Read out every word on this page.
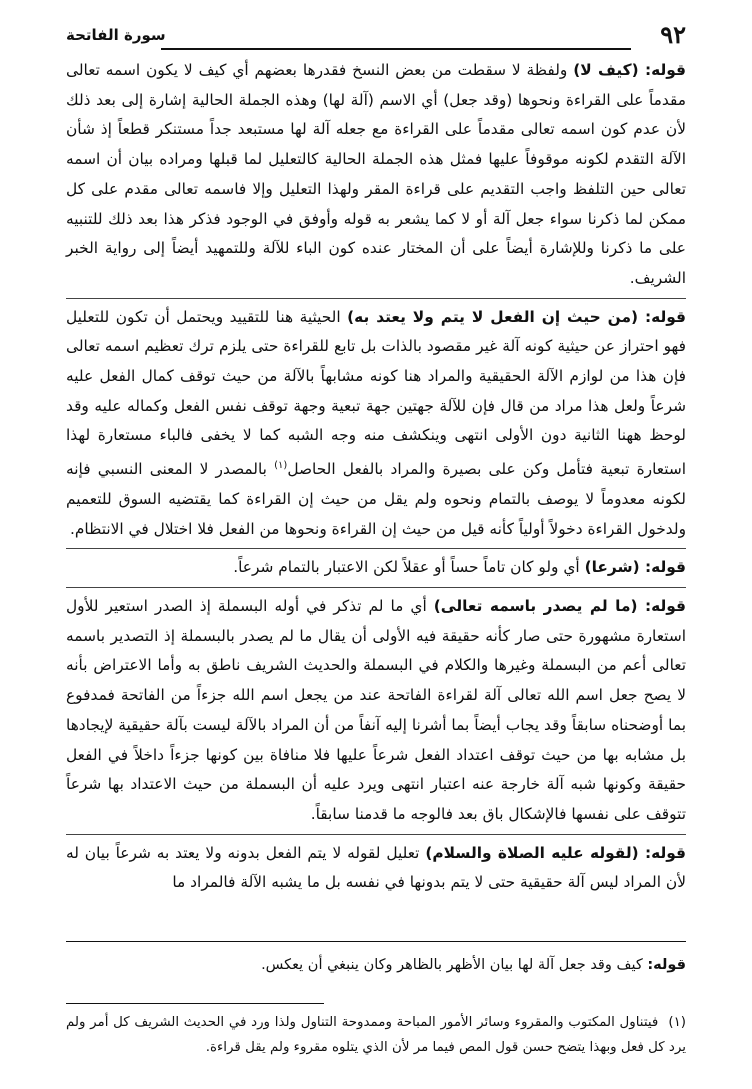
٩٢
سورة الفاتحة

قوله: (كيف لا) ولفظة لا سقطت من بعض النسخ فقدرها بعضهم أي كيف لا يكون اسمه تعالى مقدماً على القراءة ونحوها (وقد جعل) أي الاسم (آلة لها) وهذه الجملة الحالية إشارة إلى بعد ذلك لأن عدم كون اسمه تعالى مقدماً على القراءة مع جعله آلة لها مستبعد جداً مستنكر قطعاً إذ شأن الآلة التقدم لكونه موقوفاً عليها فمثل هذه الجملة الحالية كالتعليل لما قبلها ومراده بيان أن اسمه تعالى حين التلفظ واجب التقديم على قراءة المقر ولهذا التعليل وإلا فاسمه تعالى مقدم على كل ممكن لما ذكرنا سواء جعل آلة أو لا كما يشعر به قوله وأوفق في الوجود فذكر هذا بعد ذلك للتنبيه على ما ذكرنا وللإشارة أيضاً على أن المختار عنده كون الباء للآلة وللتمهيد أيضاً إلى رواية الخبر الشريف.

قوله: (من حيث إن الفعل لا يتم ولا يعتد به) الحيثية هنا للتقييد ويحتمل أن تكون للتعليل فهو احتراز عن حيثية كونه آلة غير مقصود بالذات بل تابع للقراءة حتى يلزم ترك تعظيم اسمه تعالى فإن هذا من لوازم الآلة الحقيقية والمراد هنا كونه مشابهاً بالآلة من حيث توقف كمال الفعل عليه شرعاً ولعل هذا مراد من قال فإن للآلة جهتين جهة تبعية وجهة توقف نفس الفعل وكماله عليه وقد لوحظ ههنا الثانية دون الأولى انتهى وينكشف منه وجه الشبه كما لا يخفى فالباء مستعارة لهذا استعارة تبعية فتأمل وكن على بصيرة والمراد بالفعل الحاصل$^{(١)}$ بالمصدر لا المعنى النسبي فإنه لكونه معدوماً لا يوصف بالتمام ونحوه ولم يقل من حيث إن القراءة كما يقتضيه السوق للتعميم ولدخول القراءة دخولاً أولياً كأنه قيل من حيث إن القراءة ونحوها من الفعل فلا اختلال في الانتظام.

قوله: (شرعا) أي ولو كان تاماً حساً أو عقلاً لكن الاعتبار بالتمام شرعاً.

قوله: (ما لم يصدر باسمه تعالى) أي ما لم تذكر في أوله البسملة إذ الصدر استعير للأول استعارة مشهورة حتى صار كأنه حقيقة فيه الأولى أن يقال ما لم يصدر بالبسملة إذ التصدير باسمه تعالى أعم من البسملة وغيرها والكلام في البسملة والحديث الشريف ناطق به وأما الاعتراض بأنه لا يصح جعل اسم الله تعالى آلة لقراءة الفاتحة عند من يجعل اسم الله جزءاً من الفاتحة فمدفوع بما أوضحناه سابقاً وقد يجاب أيضاً بما أشرنا إليه آنفاً من أن المراد بالآلة ليست بآلة حقيقية لإيجادها بل مشابه بها من حيث توقف اعتداد الفعل شرعاً عليها فلا منافاة بين كونها جزءاً داخلاً في الفعل حقيقة وكونها شبه آلة خارجة عنه اعتبار انتهى ويرد عليه أن البسملة من حيث الاعتداد بها شرعاً تتوقف على نفسها فالإشكال باق بعد فالوجه ما قدمنا سابقاً.

قوله: (لقوله عليه الصلاة والسلام) تعليل لقوله لا يتم الفعل بدونه ولا يعتد به شرعاً بيان له لأن المراد ليس آلة حقيقية حتى لا يتم بدونها في نفسه بل ما يشبه الآلة فالمراد ما

قوله: كيف وقد جعل آلة لها بيان الأظهر بالظاهر وكان ينبغي أن يعكس.
(١)فيتناول المكتوب والمقروء وسائر الأمور المباحة وممدوحة التناول ولذا ورد في الحديث الشريف كل أمر ولم يرد كل فعل وبهذا يتضح حسن قول المص فيما مر لأن الذي يتلوه مقروء ولم يقل قراءة.
